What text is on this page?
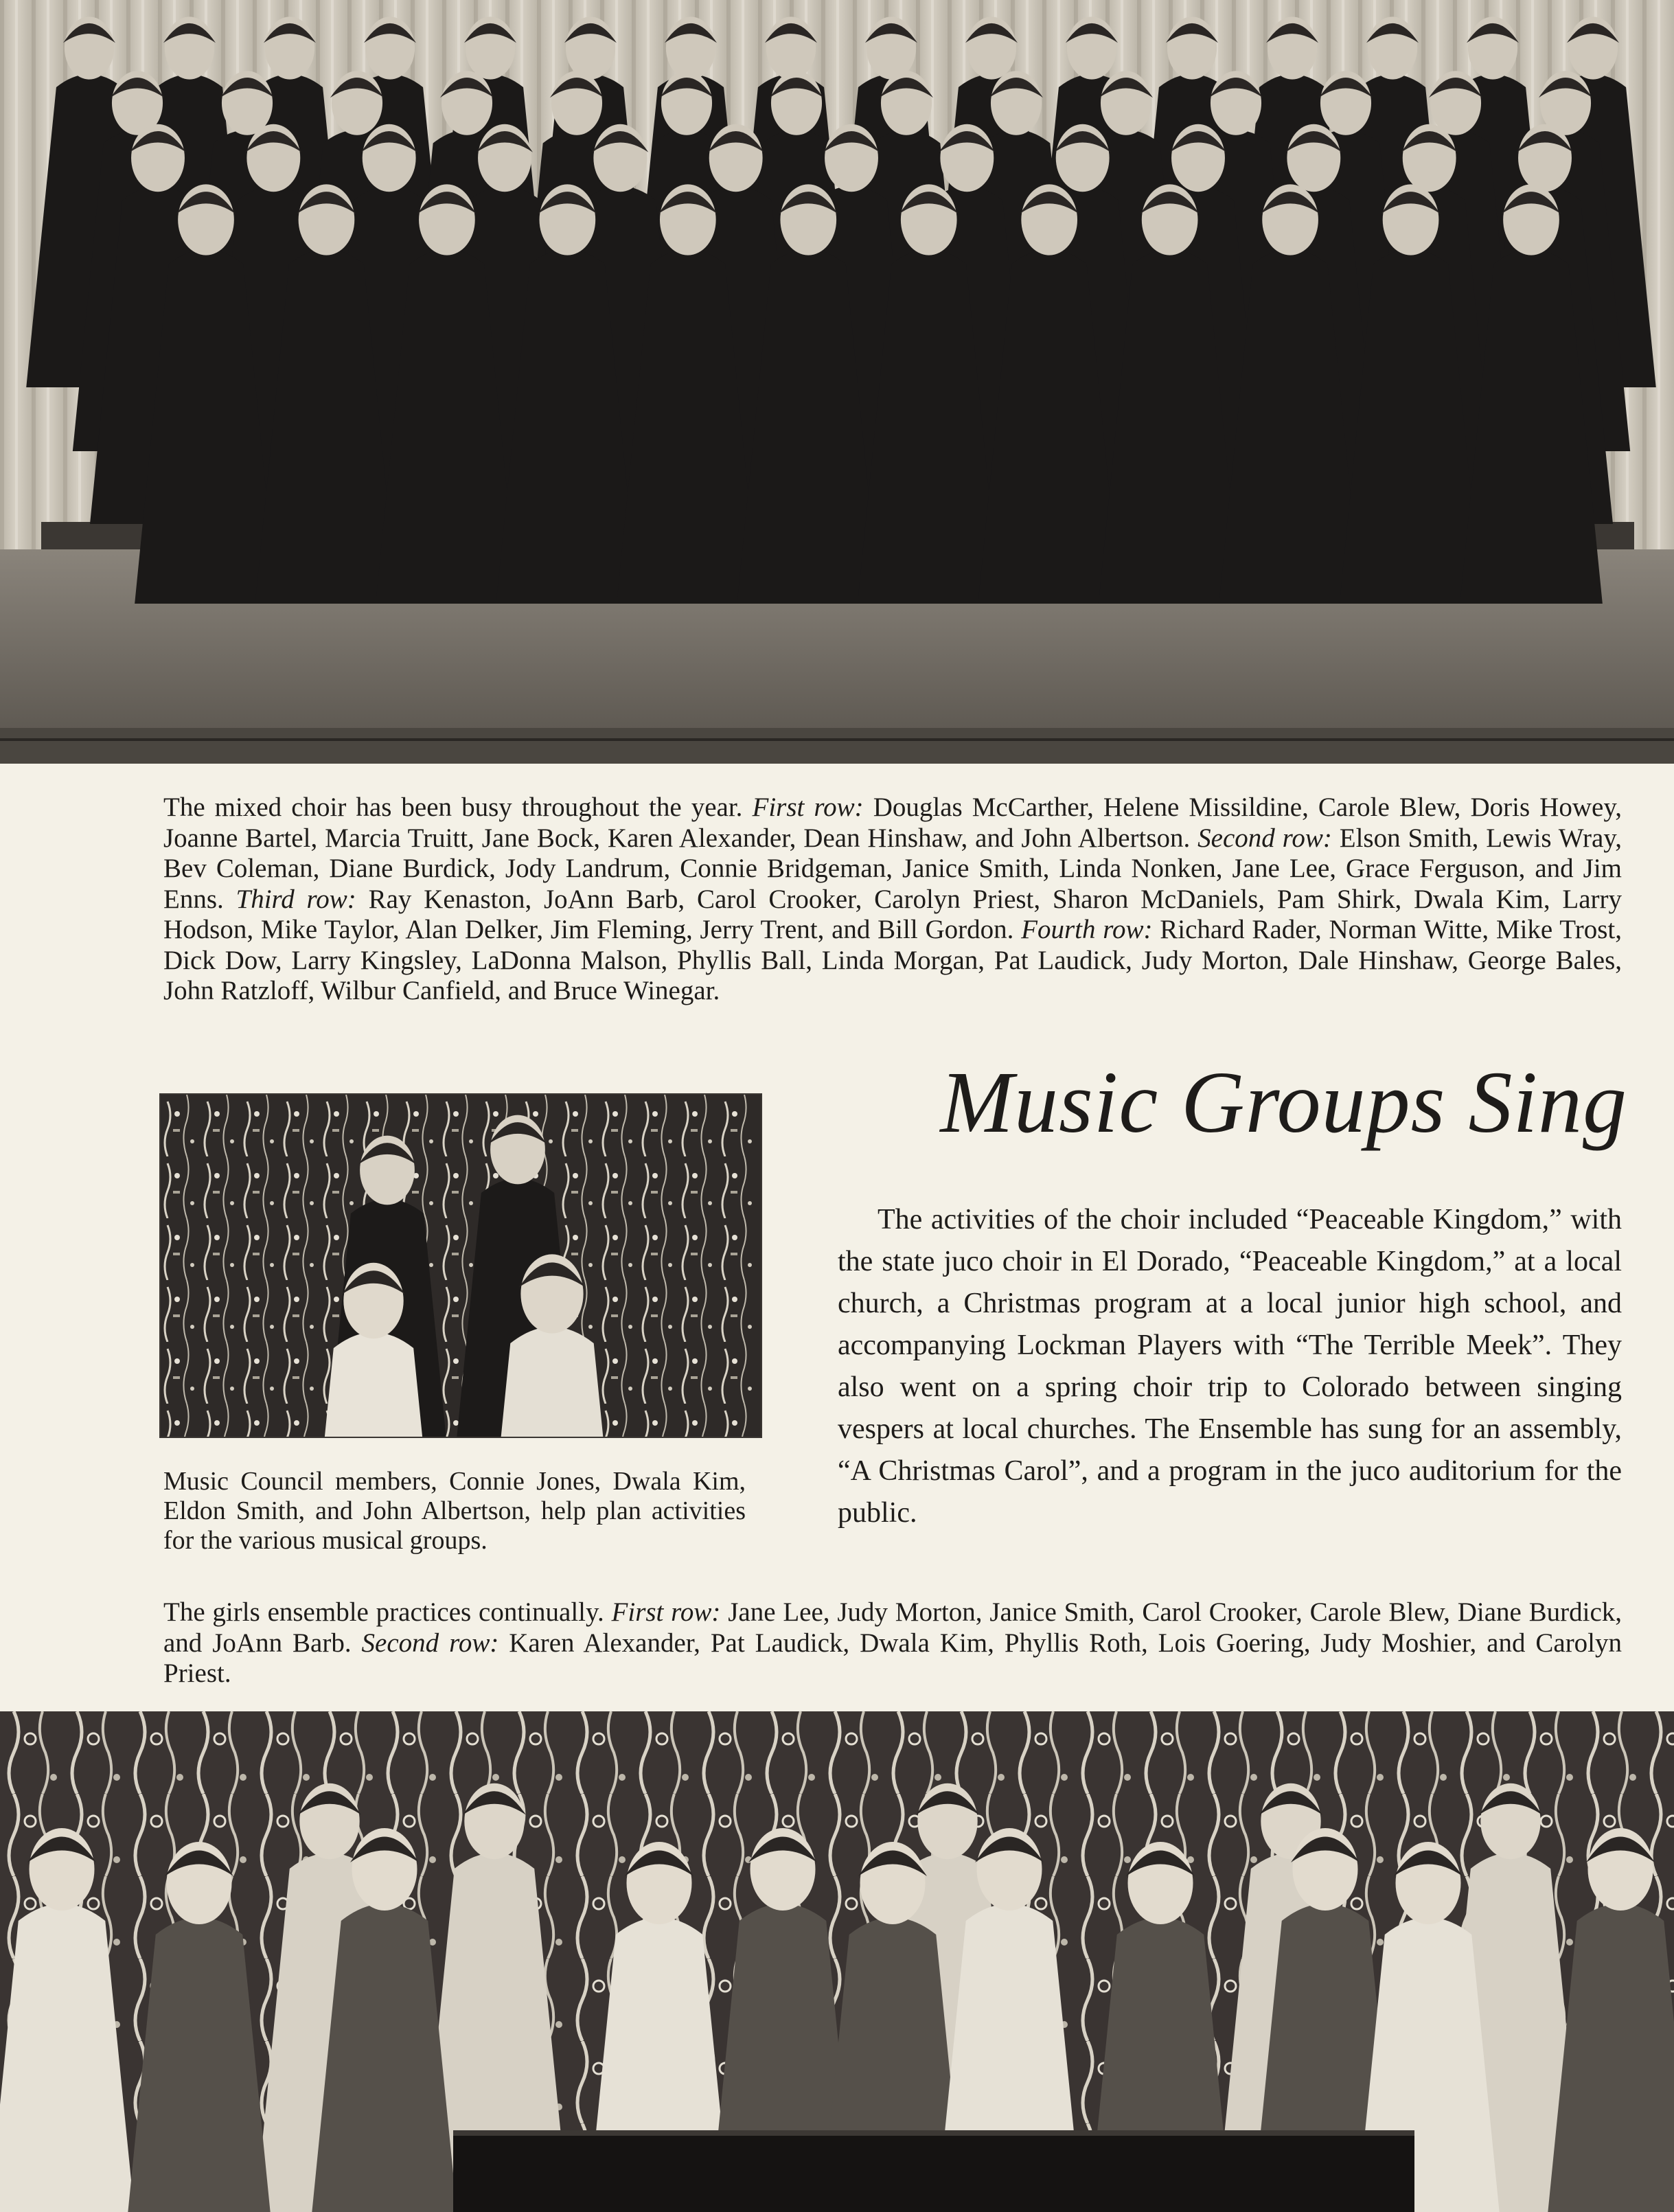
The mixed choir has been busy throughout the year. First row: Douglas McCarther, Helene Missildine, Carole Blew, Doris Howey, Joanne Bartel, Marcia Truitt, Jane Bock, Karen Alexander, Dean Hinshaw, and John Albertson. Second row: Elson Smith, Lewis Wray, Bev Coleman, Diane Burdick, Jody Landrum, Connie Bridgeman, Janice Smith, Linda Nonken, Jane Lee, Grace Ferguson, and Jim Enns. Third row: Ray Kenaston, JoAnn Barb, Carol Crooker, Carolyn Priest, Sharon McDaniels, Pam Shirk, Dwala Kim, Larry Hodson, Mike Taylor, Alan Delker, Jim Fleming, Jerry Trent, and Bill Gordon. Fourth row: Richard Rader, Norman Witte, Mike Trost, Dick Dow, Larry Kingsley, LaDonna Malson, Phyllis Ball, Linda Morgan, Pat Laudick, Judy Morton, Dale Hinshaw, George Bales, John Ratzloff, Wilbur Canfield, and Bruce Winegar.

Music Council members, Connie Jones, Dwala Kim, Eldon Smith, and John Albertson, help plan activities for the various musical groups.

Music Groups Sing

The activities of the choir included “Peaceable Kingdom,” with the state juco choir in El Dorado, “Peaceable Kingdom,” at a local church, a Christmas program at a local junior high school, and accompanying Lockman Players with “The Terrible Meek”. They also went on a spring choir trip to Colorado between singing vespers at local churches. The Ensemble has sung for an assembly, “A Christmas Carol”, and a program in the juco auditorium for the public.

The girls ensemble practices continually. First row: Jane Lee, Judy Morton, Janice Smith, Carol Crooker, Carole Blew, Diane Burdick, and JoAnn Barb. Second row: Karen Alexander, Pat Laudick, Dwala Kim, Phyllis Roth, Lois Goering, Judy Moshier, and Carolyn Priest.
